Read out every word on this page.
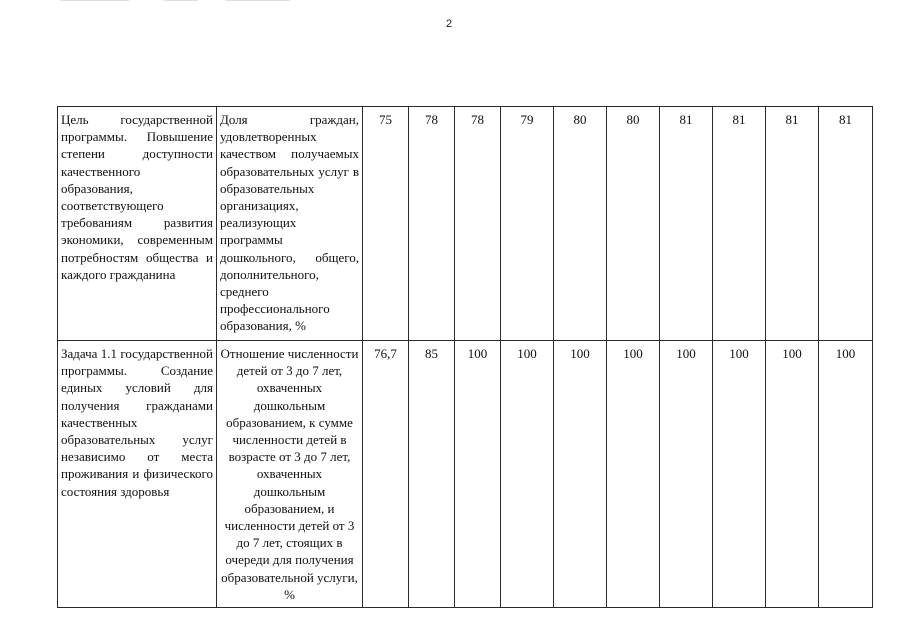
2
Цель государственной программы. Повышение степени доступности качественного образования, соответствующего требованиям развития экономики, современным потребностям общества и каждого гражданина	Доля граждан, удовлетворенных качеством получаемых образовательных услуг в образовательных организациях, реализующих программы дошкольного, общего, дополнительного, среднего профессионального образования, %	75	78	78	79	80	80	81	81	81	81
Задача 1.1 государственной программы. Создание единых условий для получения гражданами качественных образовательных услуг независимо от места проживания и физического состояния здоровья	Отношение численности детей от 3 до 7 лет, охваченных дошкольным образованием, к сумме численности детей в возрасте от 3 до 7 лет, охваченных дошкольным образованием, и численности детей от 3 до 7 лет, стоящих в очереди для получения образовательной услуги, %	76,7	85	100	100	100	100	100	100	100	100
